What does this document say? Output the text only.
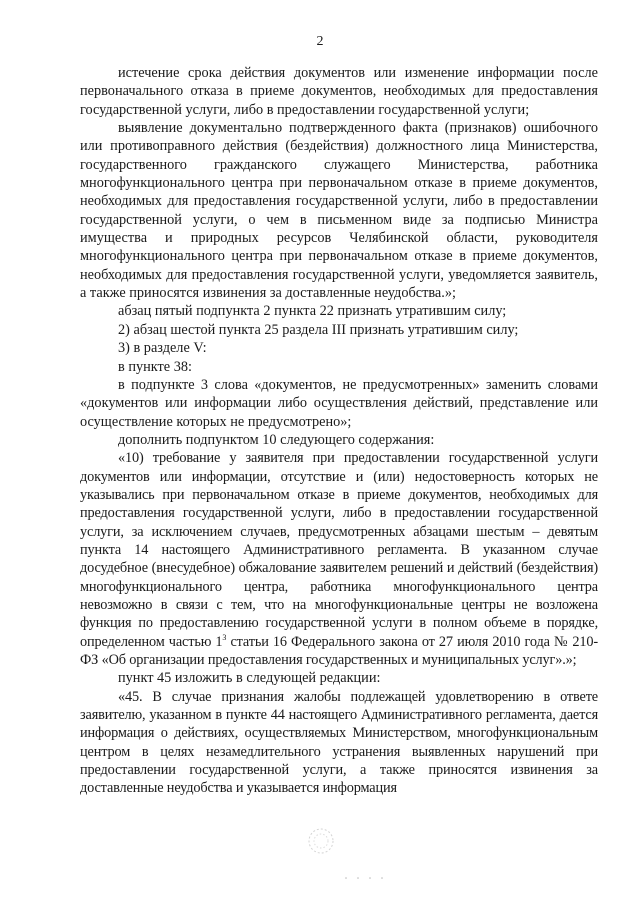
2

истечение срока действия документов или изменение информации после первоначального отказа в приеме документов, необходимых для предоставления государственной услуги, либо в предоставлении государственной услуги;

выявление документально подтвержденного факта (признаков) ошибочного или противоправного действия (бездействия) должностного лица Министерства, государственного гражданского служащего Министерства, работника многофункционального центра при первоначальном отказе в приеме документов, необходимых для предоставления государственной услуги, либо в предоставлении государственной услуги, о чем в письменном виде за подписью Министра имущества и природных ресурсов Челябинской области, руководителя многофункционального центра при первоначальном отказе в приеме документов, необходимых для предоставления государственной услуги, уведомляется заявитель, а также приносятся извинения за доставленные неудобства.»;

абзац пятый подпункта 2 пункта 22 признать утратившим силу;

2) абзац шестой пункта 25 раздела III признать утратившим силу;

3) в разделе V:

в пункте 38:

в подпункте 3 слова «документов, не предусмотренных» заменить словами «документов или информации либо осуществления действий, представление или осуществление которых не предусмотрено»;

дополнить подпунктом 10 следующего содержания:

«10) требование у заявителя при предоставлении государственной услуги документов или информации, отсутствие и (или) недостоверность которых не указывались при первоначальном отказе в приеме документов, необходимых для предоставления государственной услуги, либо в предоставлении государственной услуги, за исключением случаев, предусмотренных абзацами шестым – девятым пункта 14 настоящего Административного регламента. В указанном случае досудебное (внесудебное) обжалование заявителем решений и действий (бездействия) многофункционального центра, работника многофункционального центра невозможно в связи с тем, что на многофункциональные центры не возложена функция по предоставлению государственной услуги в полном объеме в порядке, определенном частью $1^3$ статьи 16 Федерального закона от 27 июля 2010 года № 210-ФЗ «Об организации предоставления государственных и муниципальных услуг».»;

пункт 45 изложить в следующей редакции:

«45. В случае признания жалобы подлежащей удовлетворению в ответе заявителю, указанном в пункте 44 настоящего Административного регламента, дается информация о действиях, осуществляемых Министерством, многофункциональным центром в целях незамедлительного устранения выявленных нарушений при предоставлении государственной услуги, а также приносятся извинения за доставленные неудобства и указывается информация
